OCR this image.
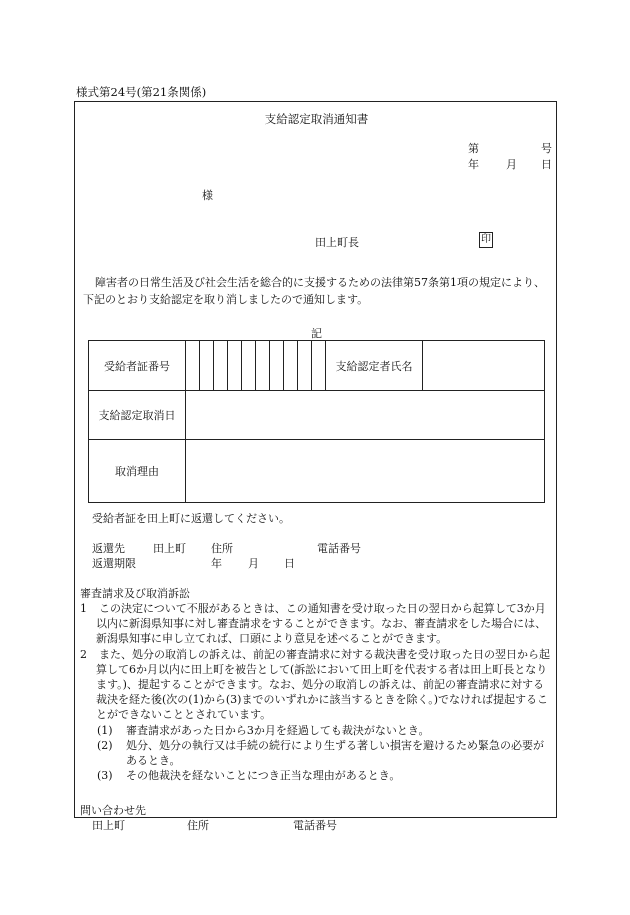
様式第24号(第21条関係)
支給認定取消通知書
第	号
年 月 日
様
田上町長	印
障害者の日常生活及び社会生活を総合的に支援するための法律第57条第1項の規定により、下記のとおり支給認定を取り消しましたので通知します。
記
受給者証番号											支給認定者氏名	
支給認定取消日												
取消理由												
受給者証を田上町に返還してください。
返還先	田上町 住所	電話番号
返還期限	年 月 日
審査請求及び取消訴訟
1 この決定について不服があるときは、この通知書を受け取った日の翌日から起算して3か月以内に新潟県知事に対し審査請求をすることができます。なお、審査請求をした場合には、新潟県知事に申し立てれば、口頭により意見を述べることができます。
2 また、処分の取消しの訴えは、前記の審査請求に対する裁決書を受け取った日の翌日から起算して6か月以内に田上町を被告として(訴訟において田上町を代表する者は田上町長となります。)、提起することができます。なお、処分の取消しの訴えは、前記の審査請求に対する裁決を経た後(次の(1)から(3)までのいずれかに該当するときを除く。)でなければ提起することができないこととされています。
(1) 審査請求があった日から3か月を経過しても裁決がないとき。
(2) 処分、処分の執行又は手続の続行により生ずる著しい損害を避けるため緊急の必要があるとき。
(3) その他裁決を経ないことにつき正当な理由があるとき。
問い合わせ先
田上町	住所	電話番号
